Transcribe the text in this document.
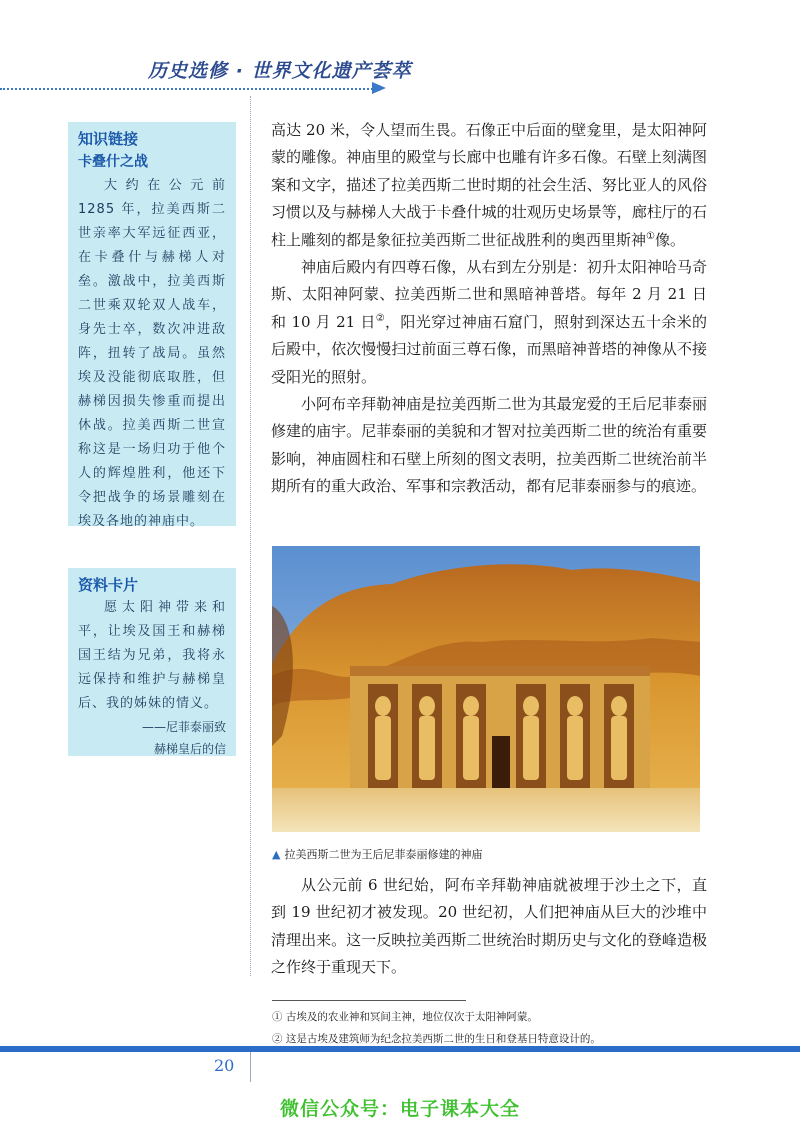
历史选修 · 世界文化遗产荟萃
知识链接
卡叠什之战
大约在公元前 1285 年，拉美西斯二世亲率大军远征西亚，在卡叠什与赫梯人对垒。激战中，拉美西斯二世乘双轮双人战车，身先士卒，数次冲进敌阵，扭转了战局。虽然埃及没能彻底取胜，但赫梯因损失惨重而提出休战。拉美西斯二世宣称这是一场归功于他个人的辉煌胜利，他还下令把战争的场景雕刻在埃及各地的神庙中。
资料卡片
愿太阳神带来和平，让埃及国王和赫梯国王结为兄弟，我将永远保持和维护与赫梯皇后、我的姊妹的情义。
——尼菲泰丽致
赫梯皇后的信

高达 20 米，令人望而生畏。石像正中后面的壁龛里，是太阳神阿蒙的雕像。神庙里的殿堂与长廊中也雕有许多石像。石壁上刻满图案和文字，描述了拉美西斯二世时期的社会生活、努比亚人的风俗习惯以及与赫梯人大战于卡叠什城的壮观历史场景等，廊柱厅的石柱上雕刻的都是象征拉美西斯二世征战胜利的奥西里斯神①像。

神庙后殿内有四尊石像，从右到左分别是：初升太阳神哈马奇斯、太阳神阿蒙、拉美西斯二世和黑暗神普塔。每年 2 月 21 日和 10 月 21 日②，阳光穿过神庙石窟门，照射到深达五十余米的后殿中，依次慢慢扫过前面三尊石像，而黑暗神普塔的神像从不接受阳光的照射。

小阿布辛拜勒神庙是拉美西斯二世为其最宠爱的王后尼菲泰丽修建的庙宇。尼菲泰丽的美貌和才智对拉美西斯二世的统治有重要影响，神庙圆柱和石壁上所刻的图文表明，拉美西斯二世统治前半期所有的重大政治、军事和宗教活动，都有尼菲泰丽参与的痕迹。

▲ 拉美西斯二世为王后尼菲泰丽修建的神庙

从公元前 6 世纪始，阿布辛拜勒神庙就被埋于沙土之下，直到 19 世纪初才被发现。20 世纪初，人们把神庙从巨大的沙堆中清理出来。这一反映拉美西斯二世统治时期历史与文化的登峰造极之作终于重现天下。

① 古埃及的农业神和冥间主神，地位仅次于太阳神阿蒙。
② 这是古埃及建筑师为纪念拉美西斯二世的生日和登基日特意设计的。
20
微信公众号：电子课本大全
